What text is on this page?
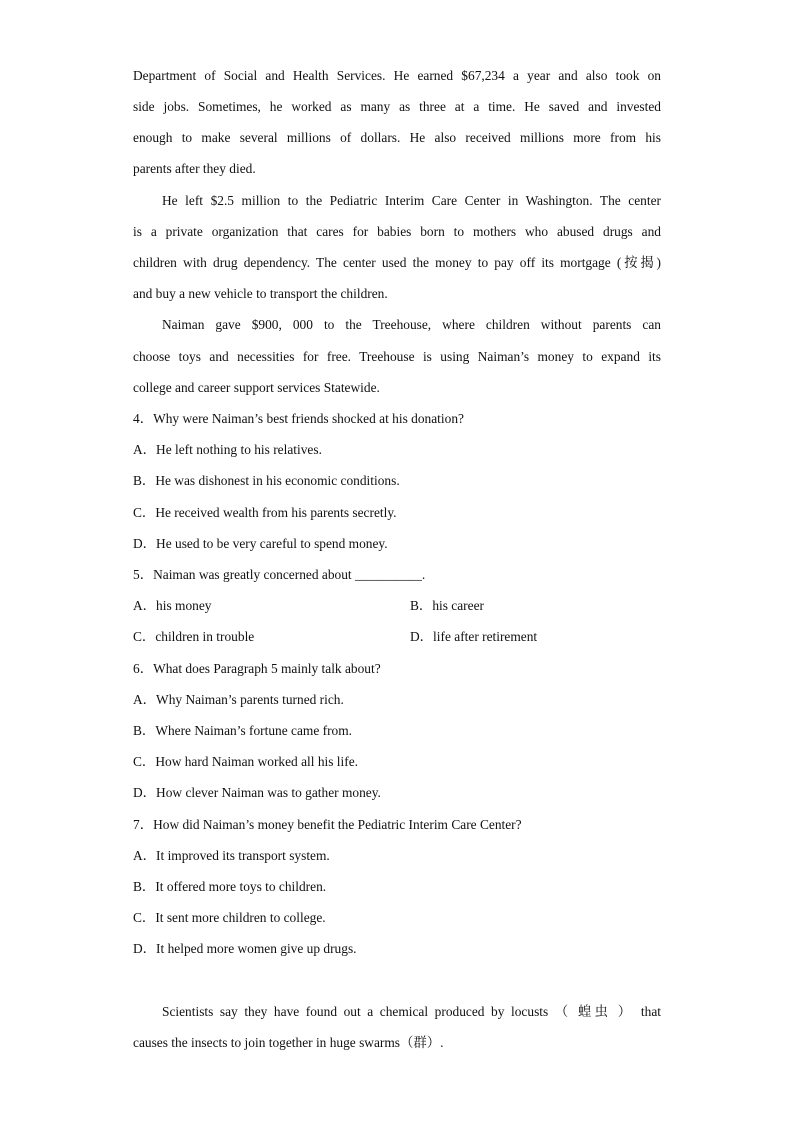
Department of Social and Health Services. He earned $67,234 a year and also took on
side jobs. Sometimes, he worked as many as three at a time. He saved and invested
enough to make several millions of dollars. He also received millions more from his
parents after they died.
He left $2.5 million to the Pediatric Interim Care Center in Washington. The center
is a private organization that cares for babies born to mothers who abused drugs and
children with drug dependency. The center used the money to pay off its mortgage (按揭)
and buy a new vehicle to transport the children.
Naiman gave $900, 000 to the Treehouse, where children without parents can
choose toys and necessities for free. Treehouse is using Naiman’s money to expand its
college and career support services Statewide.
4．Why were Naiman’s best friends shocked at his donation?
A．He left nothing to his relatives.
B．He was dishonest in his economic conditions.
C．He received wealth from his parents secretly.
D．He used to be very careful to spend money.
5．Naiman was greatly concerned about __________.
A．his money	B．his career
C．children in trouble	D．life after retirement
6．What does Paragraph 5 mainly talk about?
A．Why Naiman’s parents turned rich.
B．Where Naiman’s fortune came from.
C．How hard Naiman worked all his life.
D．How clever Naiman was to gather money.
7．How did Naiman’s money benefit the Pediatric Interim Care Center?
A．It improved its transport system.
B．It offered more toys to children.
C．It sent more children to college.
D．It helped more women give up drugs.
Scientists say they have found out a chemical produced by locusts （ 蝗虫 ） that
causes the insects to join together in huge swarms（群）.
